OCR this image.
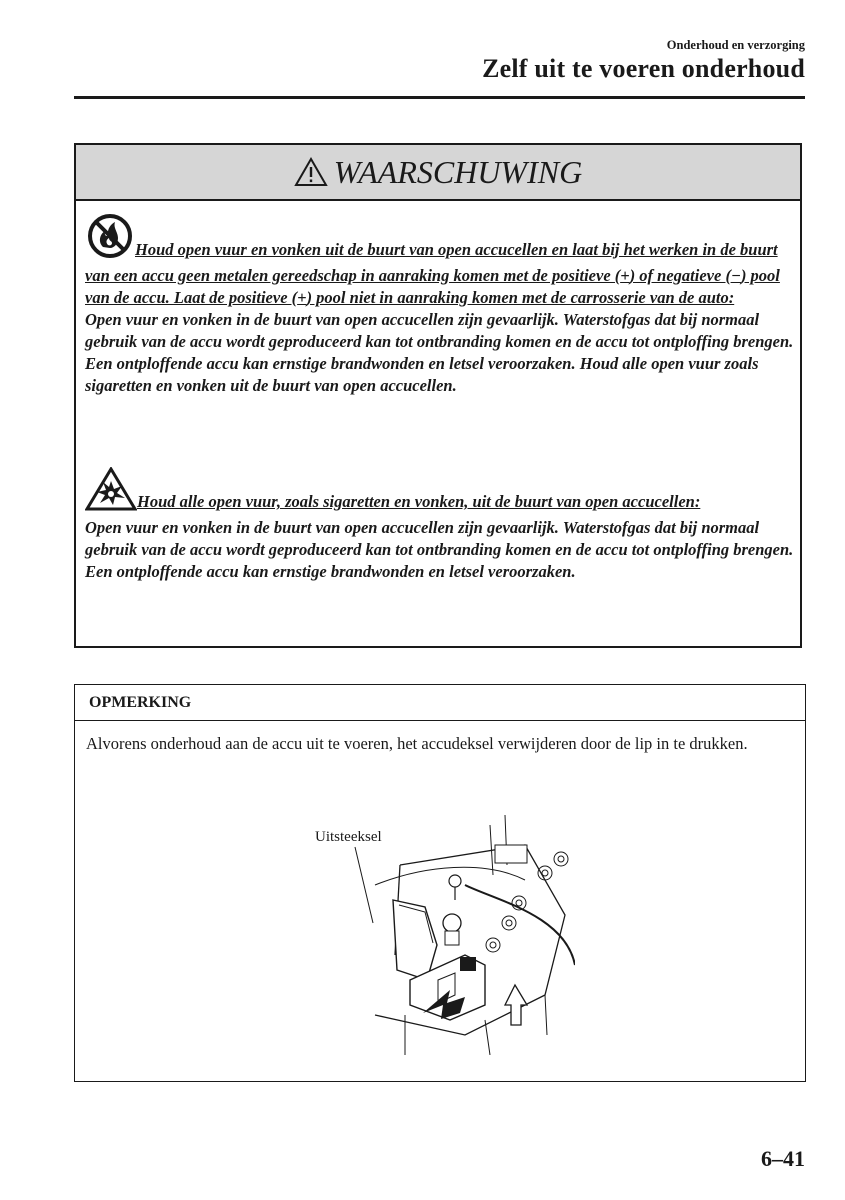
Onderhoud en verzorging
Zelf uit te voeren onderhoud
WAARSCHUWING
Houd open vuur en vonken uit de buurt van open accucellen en laat bij het werken in de buurt van een accu geen metalen gereedschap in aanraking komen met de positieve (+) of negatieve (−) pool van de accu. Laat de positieve (+) pool niet in aanraking komen met de carrosserie van de auto:
Open vuur en vonken in de buurt van open accucellen zijn gevaarlijk. Waterstofgas dat bij normaal gebruik van de accu wordt geproduceerd kan tot ontbranding komen en de accu tot ontploffing brengen. Een ontploffende accu kan ernstige brandwonden en letsel veroorzaken. Houd alle open vuur zoals sigaretten en vonken uit de buurt van open accucellen.
Houd alle open vuur, zoals sigaretten en vonken, uit de buurt van open accucellen:
Open vuur en vonken in de buurt van open accucellen zijn gevaarlijk. Waterstofgas dat bij normaal gebruik van de accu wordt geproduceerd kan tot ontbranding komen en de accu tot ontploffing brengen. Een ontploffende accu kan ernstige brandwonden en letsel veroorzaken.
OPMERKING
Alvorens onderhoud aan de accu uit te voeren, het accudeksel verwijderen door de lip in te drukken.
Uitsteeksel
6–41
